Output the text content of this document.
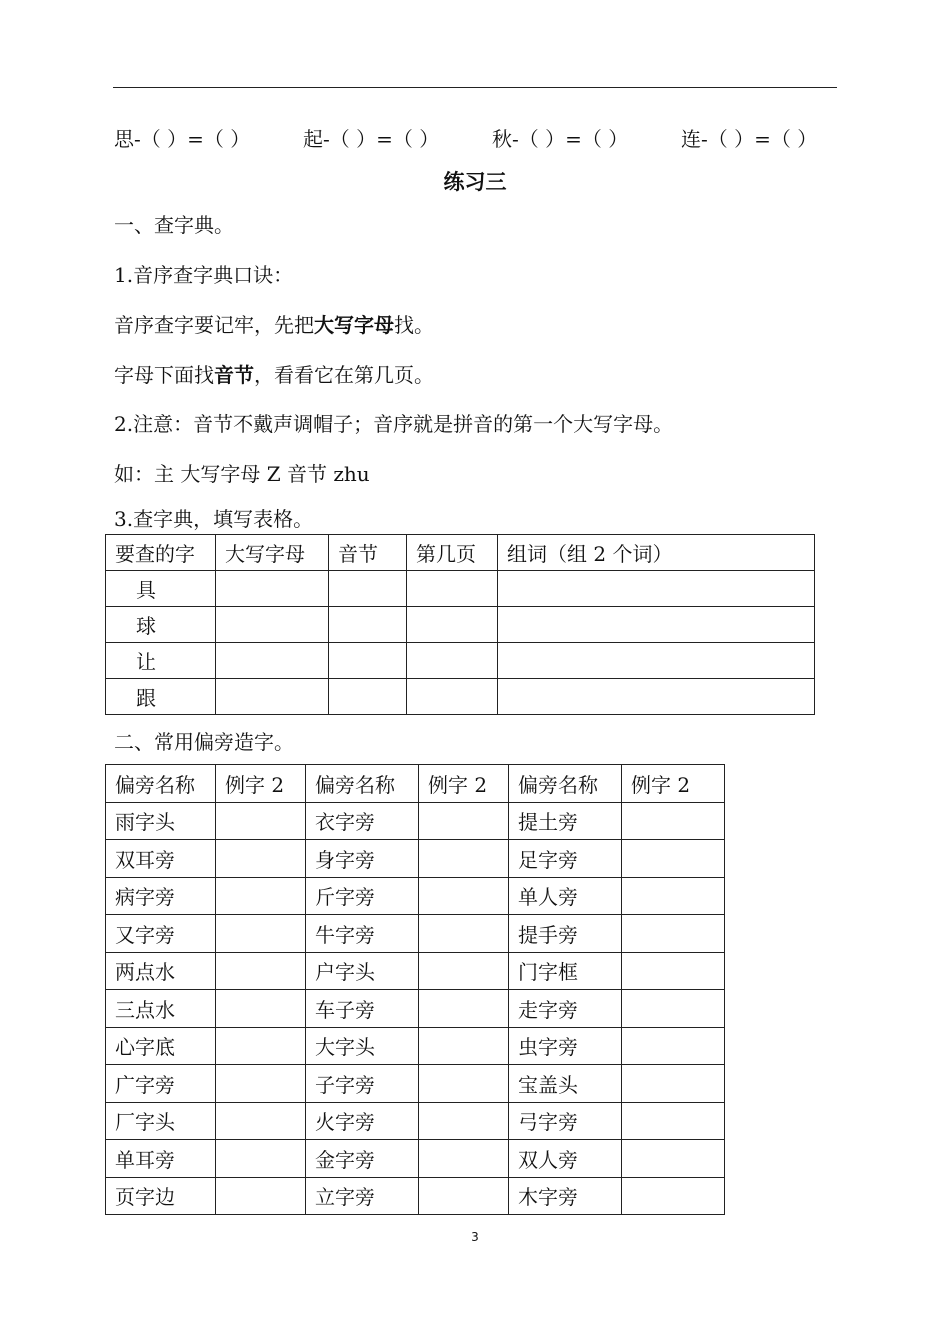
思-（ ）=（ ）	起-（ ）=（ ）	秋-（ ）=（ ）	连-（ ）=（ ）
练习三
一、查字典。
1.音序查字典口诀：
音序查字要记牢，先把大写字母找。
字母下面找音节，看看它在第几页。
2.注意：音节不戴声调帽子；音序就是拼音的第一个大写字母。
如：主 大写字母 Z 音节 zhu
3.查字典，填写表格。
要查的字	大写字母	音节	第几页	组词（组 2 个词）
具				
球				
让				
跟				
二、常用偏旁造字。
偏旁名称	例字 2	偏旁名称	例字 2	偏旁名称	例字 2
雨字头		衣字旁		提土旁	
双耳旁		身字旁		足字旁	
病字旁		斤字旁		单人旁	
又字旁		牛字旁		提手旁	
两点水		户字头		门字框	
三点水		车子旁		走字旁	
心字底		大字头		虫字旁	
广字旁		子字旁		宝盖头	
厂字头		火字旁		弓字旁	
单耳旁		金字旁		双人旁	
页字边		立字旁		木字旁	
3
